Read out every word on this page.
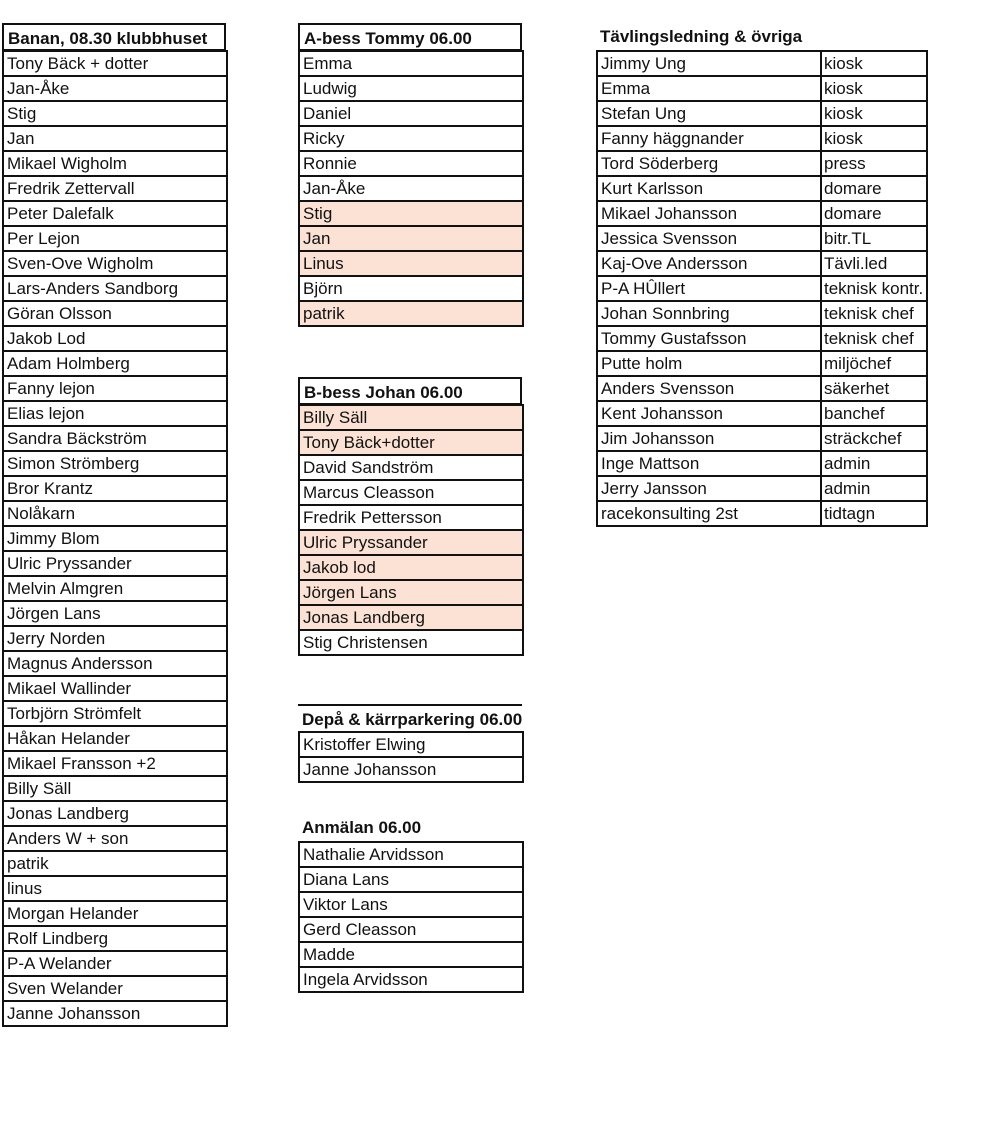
Banan, 08.30 klubbhuset
Tony Bäck + dotter
Jan-Åke
Stig
Jan
Mikael Wigholm
Fredrik Zettervall
Peter Dalefalk
Per Lejon
Sven-Ove Wigholm
Lars-Anders Sandborg
Göran Olsson
Jakob Lod
Adam Holmberg
Fanny lejon
Elias lejon
Sandra Bäckström
Simon Strömberg
Bror Krantz
Nolåkarn
Jimmy Blom
Ulric Pryssander
Melvin Almgren
Jörgen Lans
Jerry Norden
Magnus Andersson
Mikael Wallinder
Torbjörn Strömfelt
Håkan Helander
Mikael Fransson +2
Billy Säll
Jonas Landberg
Anders W + son
patrik
linus
Morgan Helander
Rolf Lindberg
P-A Welander
Sven Welander
Janne Johansson
A-bess Tommy 06.00
Emma
Ludwig
Daniel
Ricky
Ronnie
Jan-Åke
Stig
Jan
Linus
Björn
patrik
B-bess Johan 06.00
Billy Säll
Tony Bäck+dotter
David Sandström
Marcus Cleasson
Fredrik Pettersson
Ulric Pryssander
Jakob lod
Jörgen Lans
Jonas Landberg
Stig Christensen
Depå & kärrparkering 06.00
Kristoffer Elwing
Janne Johansson
Anmälan 06.00
Nathalie Arvidsson
Diana Lans
Viktor Lans
Gerd Cleasson
Madde
Ingela Arvidsson
Tävlingsledning & övriga
Jimmy Ung	kiosk
Emma	kiosk
Stefan Ung	kiosk
Fanny häggnander	kiosk
Tord Söderberg	press
Kurt Karlsson	domare
Mikael Johansson	domare
Jessica Svensson	bitr.TL
Kaj-Ove Andersson	Tävli.led
P-A HÛllert	teknisk kontr.
Johan Sonnbring	teknisk chef
Tommy Gustafsson	teknisk chef
Putte holm	miljöchef
Anders Svensson	säkerhet
Kent Johansson	banchef
Jim Johansson	sträckchef
Inge Mattson	admin
Jerry Jansson	admin
racekonsulting 2st	tidtagn
